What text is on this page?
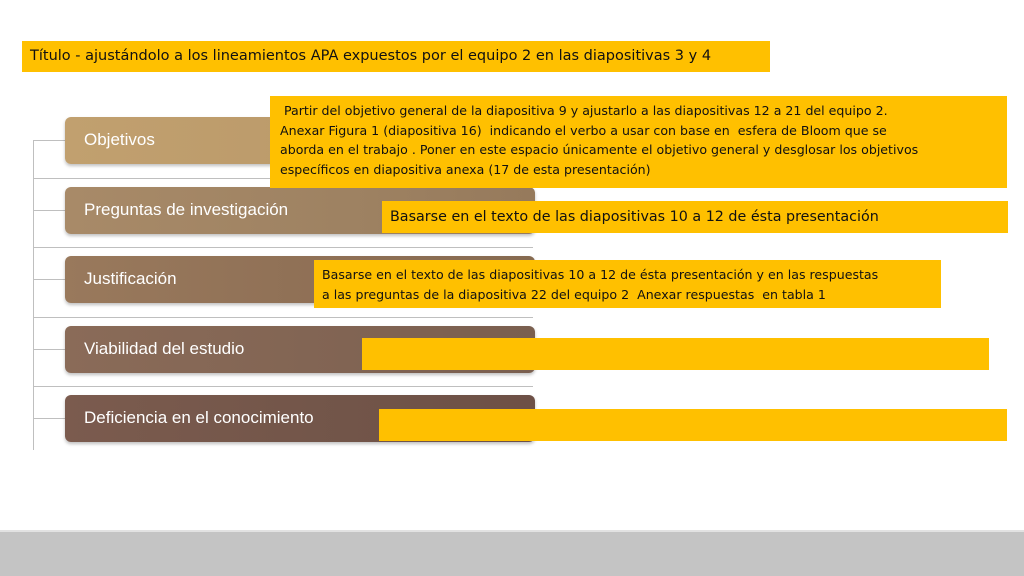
Título - ajustándolo a los lineamientos APA expuestos por el equipo 2 en las diapositivas 3 y 4
Objetivos
Preguntas de investigación
Justificación
Viabilidad del estudio
Deficiencia en el conocimiento

Partir del objetivo general de la diapositiva 9 y ajustarlo a las diapositivas 12 a 21 del equipo 2.

Anexar Figura 1 (diapositiva 16)  indicando el verbo a usar con base en  esfera de Bloom que se

aborda en el trabajo . Poner en este espacio únicamente el objetivo general y desglosar los objetivos

específicos en diapositiva anexa (17 de esta presentación)

Basarse en el texto de las diapositivas 10 a 12 de ésta presentación

Basarse en el texto de las diapositivas 10 a 12 de ésta presentación y en las respuestas

a las preguntas de la diapositiva 22 del equipo 2  Anexar respuestas  en tabla 1
